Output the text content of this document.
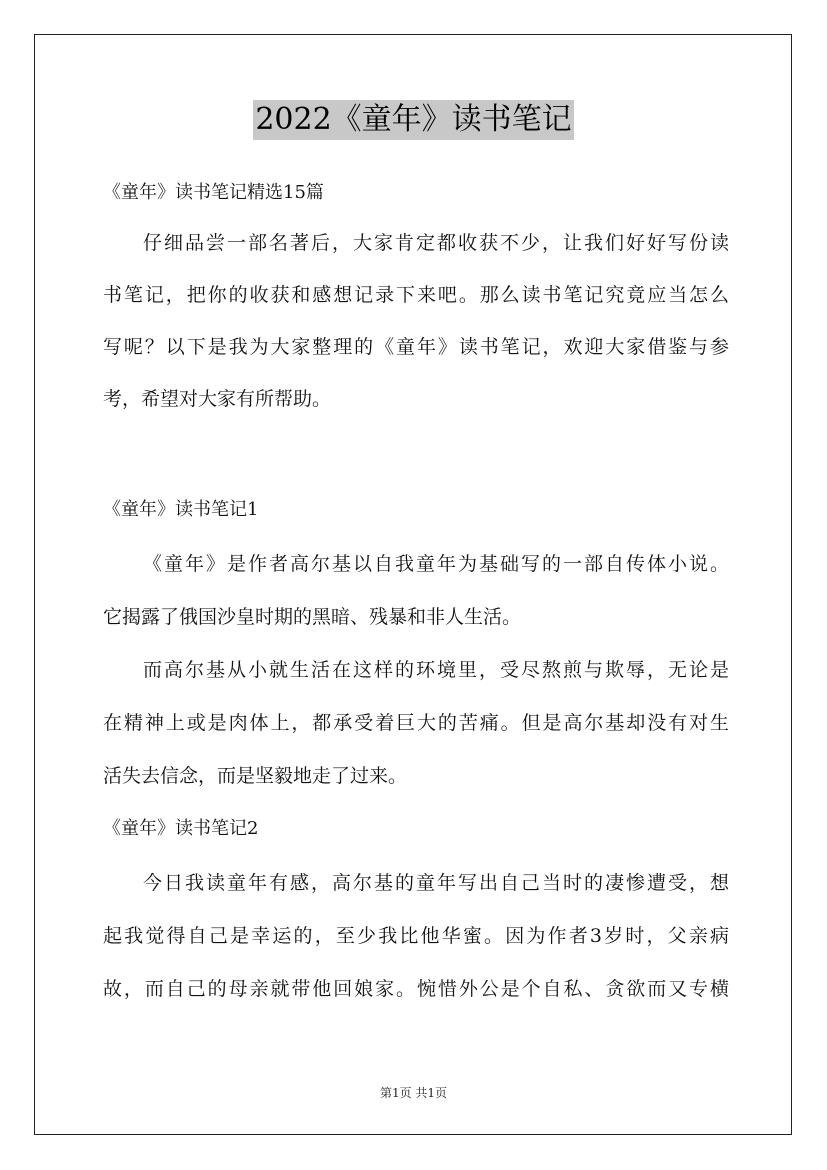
2022《童年》读书笔记
《童年》读书笔记精选15篇
仔细品尝一部名著后，大家肯定都收获不少，让我们好好写份读
书笔记，把你的收获和感想记录下来吧。那么读书笔记究竟应当怎么
写呢？以下是我为大家整理的《童年》读书笔记，欢迎大家借鉴与参
考，希望对大家有所帮助。
《童年》读书笔记1
《童年》是作者高尔基以自我童年为基础写的一部自传体小说。
它揭露了俄国沙皇时期的黑暗、残暴和非人生活。
而高尔基从小就生活在这样的环境里，受尽熬煎与欺辱，无论是
在精神上或是肉体上，都承受着巨大的苦痛。但是高尔基却没有对生
活失去信念，而是坚毅地走了过来。
《童年》读书笔记2
今日我读童年有感，高尔基的童年写出自己当时的凄惨遭受，想
起我觉得自己是幸运的，至少我比他华蜜。因为作者3岁时，父亲病
故，而自己的母亲就带他回娘家。惋惜外公是个自私、贪欲而又专横
第1页 共1页
